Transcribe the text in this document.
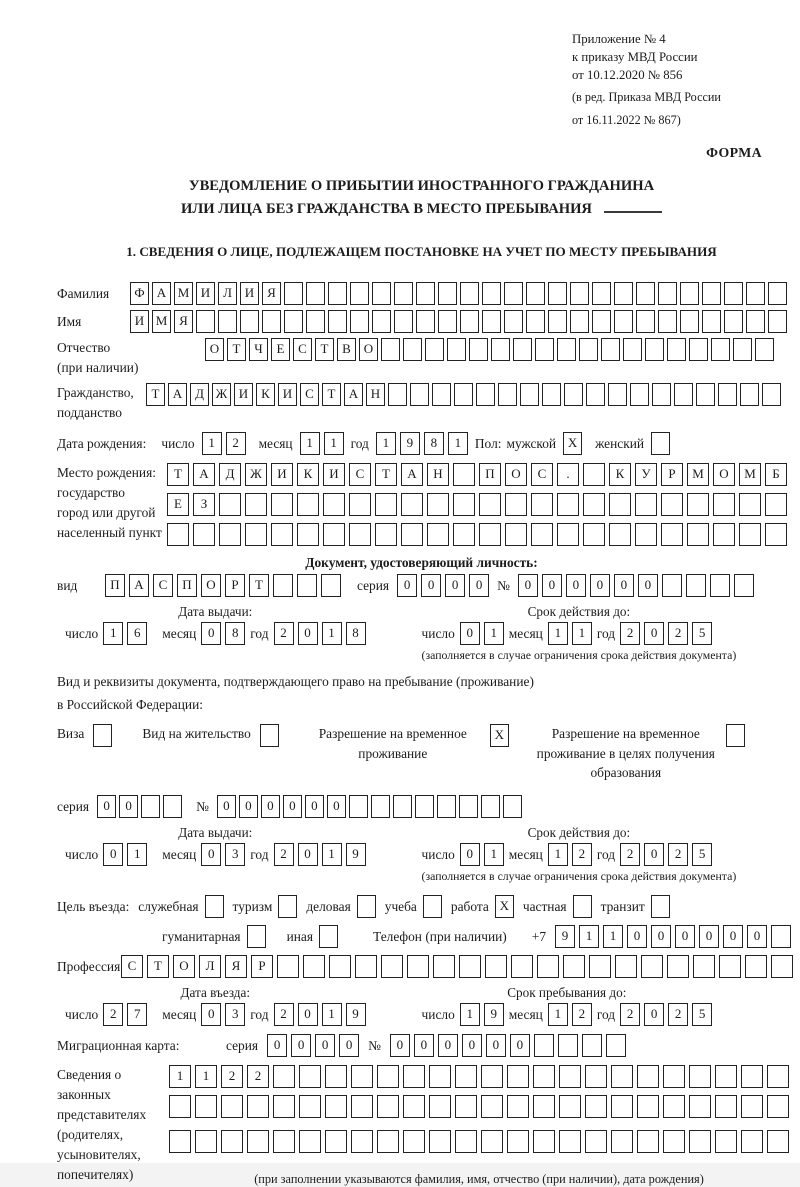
Приложение № 4
к приказу МВД России
от 10.12.2020 № 856
(в ред. Приказа МВД России
от 16.11.2022 № 867)
ФОРМА
УВЕДОМЛЕНИЕ О ПРИБЫТИИ ИНОСТРАННОГО ГРАЖДАНИНА
ИЛИ ЛИЦА БЕЗ ГРАЖДАНСТВА В МЕСТО ПРЕБЫВАНИЯ
1. СВЕДЕНИЯ О ЛИЦЕ, ПОДЛЕЖАЩЕМ ПОСТАНОВКЕ НА УЧЕТ ПО МЕСТУ ПРЕБЫВАНИЯ
Фамилия	Ф А М И Л И Я
Имя	И М Я
Отчество
(при наличии)
О	Т	Ч	Е	С	Т	В О
Гражданство,
подданство
Т	А Д Ж И К И С	Т	А Н
Дата рождения: число	1	2	месяц	1	1	год	1	9	8	1	Пол: мужской X	женский
Место рождения:
государство
город или другой
населенный пункт
Т	А	Д	Ж	И	К	И	С	Т	А	Н	П	О	С	.	К	У	Р	М	О	М	Б

Е	З

Документ, удостоверяющий личность:
вид	П	А	С	П	О	Р	Т	серия	0	0	0	0	№	0	0	0	0	0	0
Дата выдачи:
число 1	6	месяц 0	8 год 2	0	1	8
Срок действия до:
число 0	1 месяц 1	1 год 2	0	2	5
(заполняется в случае ограничения срока действия документа)
Вид и реквизиты документа, подтверждающего право на пребывание (проживание)
в Российской Федерации:
Виза	Вид на жительство	Разрешение на временное проживание
X	Разрешение на временное проживание в целях получения образования
серия	0	0	№	0	0	0	0	0	0
Дата выдачи:
число 0	1	месяц 0	3 год 2	0	1	9
Срок действия до:
число 0	1 месяц 1	2 год 2	0	2	5
(заполняется в случае ограничения срока действия документа)
Цель въезда: служебная	туризм	деловая	учеба	работа X	частная	транзит
гуманитарная	иная	Телефон (при наличии) +7	9	1	1	0	0	0	0	0	0
Профессия С	Т	О	Л	Я	Р
Дата въезда:
число 2	7	месяц 0	3 год 2	0	1	9
Срок пребывания до:
число 1	9 месяц 1	2 год 2	0	2	5
Миграционная карта:	серия	0	0	0	0	№	0	0	0	0	0	0
Сведения о
законных
представителях
(родителях,
усыновителях,
попечителях)
1	1	2	2

(при заполнении указываются фамилия, имя, отчество (при наличии), дата рождения)
